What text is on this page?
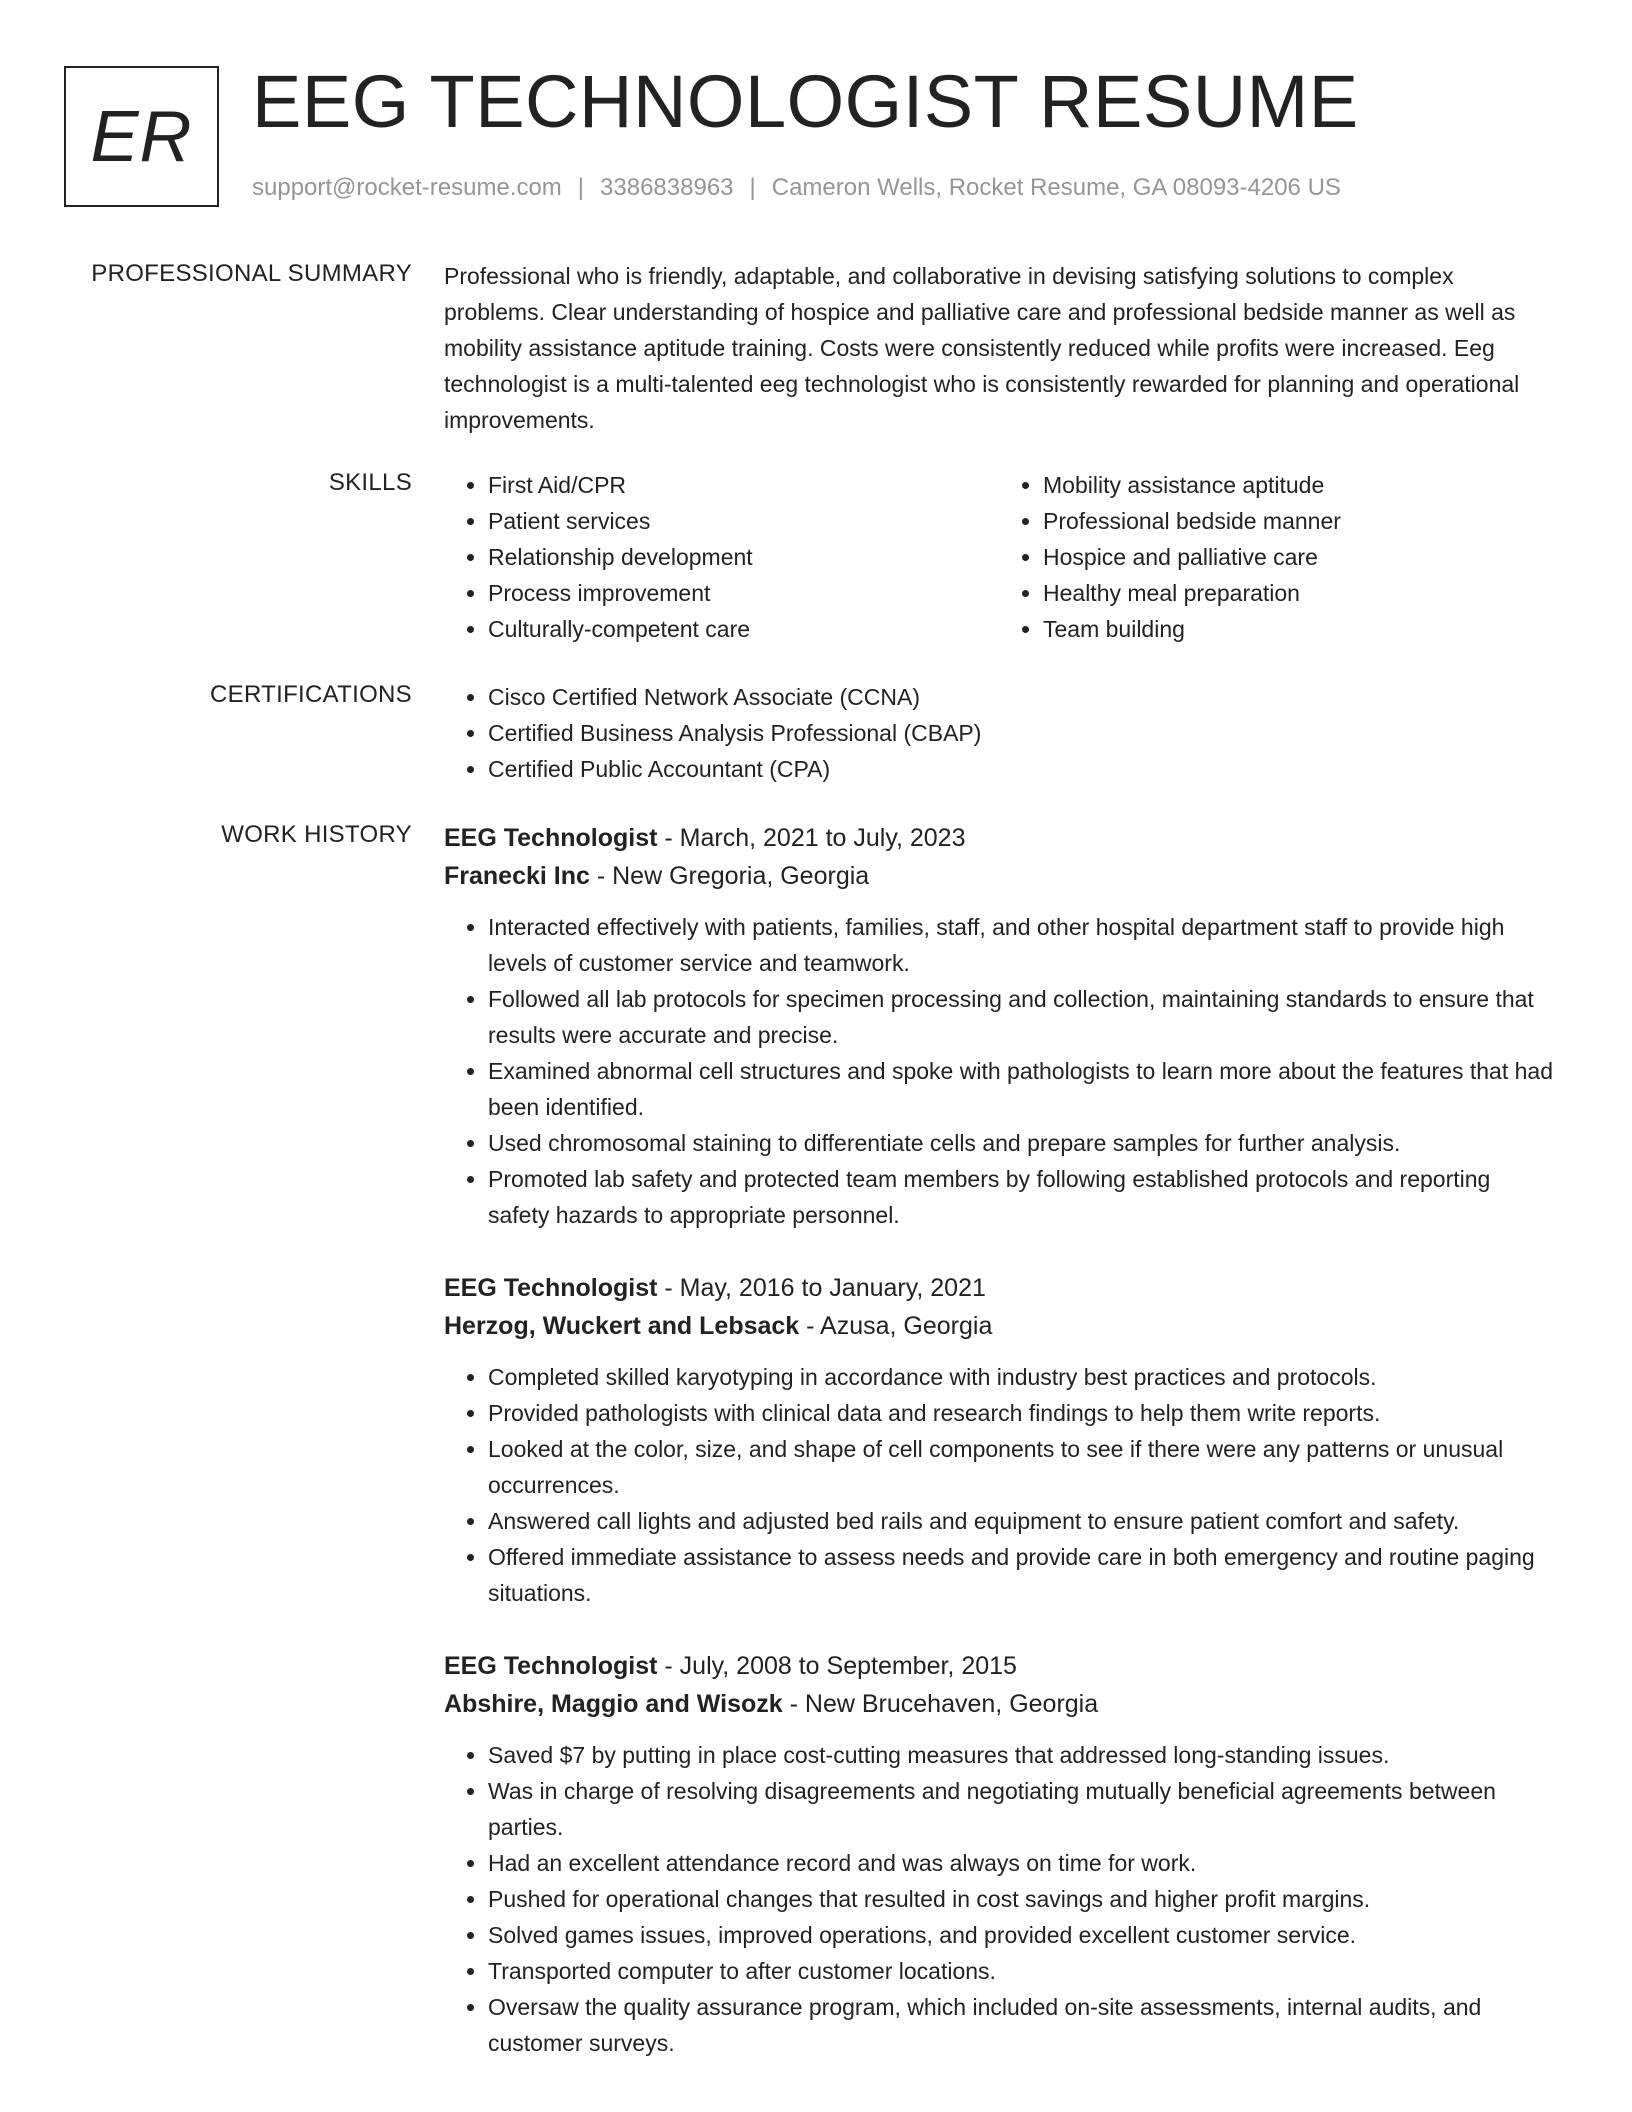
ER EEG TECHNOLOGIST RESUME
support@rocket-resume.com | 3386838963 | Cameron Wells, Rocket Resume, GA 08093-4206 US
PROFESSIONAL SUMMARY Professional who is friendly, adaptable, and collaborative in devising satisfying solutions to complex problems. Clear understanding of hospice and palliative care and professional bedside manner as well as mobility assistance aptitude training. Costs were consistently reduced while profits were increased. Eeg technologist is a multi-talented eeg technologist who is consistently rewarded for planning and operational improvements.

SKILLS	• First Aid/CPR
• Patient services
• Relationship development
• Process improvement
• Culturally-competent care
• Mobility assistance aptitude
• Professional bedside manner
• Hospice and palliative care
• Healthy meal preparation
• Team building
CERTIFICATIONS	• Cisco Certified Network Associate (CCNA)
• Certified Business Analysis Professional (CBAP)
• Certified Public Accountant (CPA)
WORK HISTORY EEG Technologist - March, 2021 to July, 2023
Franecki Inc - New Gregoria, Georgia
• Interacted effectively with patients, families, staff, and other hospital department staff to provide high levels of customer service and teamwork.
• Followed all lab protocols for specimen processing and collection, maintaining standards to ensure that results were accurate and precise.
• Examined abnormal cell structures and spoke with pathologists to learn more about the features that had been identified.
• Used chromosomal staining to differentiate cells and prepare samples for further analysis.
• Promoted lab safety and protected team members by following established protocols and reporting safety hazards to appropriate personnel.
EEG Technologist - May, 2016 to January, 2021
Herzog, Wuckert and Lebsack - Azusa, Georgia
• Completed skilled karyotyping in accordance with industry best practices and protocols.
• Provided pathologists with clinical data and research findings to help them write reports.
• Looked at the color, size, and shape of cell components to see if there were any patterns or unusual occurrences.
• Answered call lights and adjusted bed rails and equipment to ensure patient comfort and safety.
• Offered immediate assistance to assess needs and provide care in both emergency and routine paging situations.
EEG Technologist - July, 2008 to September, 2015
Abshire, Maggio and Wisozk - New Brucehaven, Georgia
• Saved $7 by putting in place cost-cutting measures that addressed long-standing issues.
• Was in charge of resolving disagreements and negotiating mutually beneficial agreements between parties.
• Had an excellent attendance record and was always on time for work.
• Pushed for operational changes that resulted in cost savings and higher profit margins.
• Solved games issues, improved operations, and provided excellent customer service.
• Transported computer to after customer locations.
• Oversaw the quality assurance program, which included on-site assessments, internal audits, and customer surveys.
